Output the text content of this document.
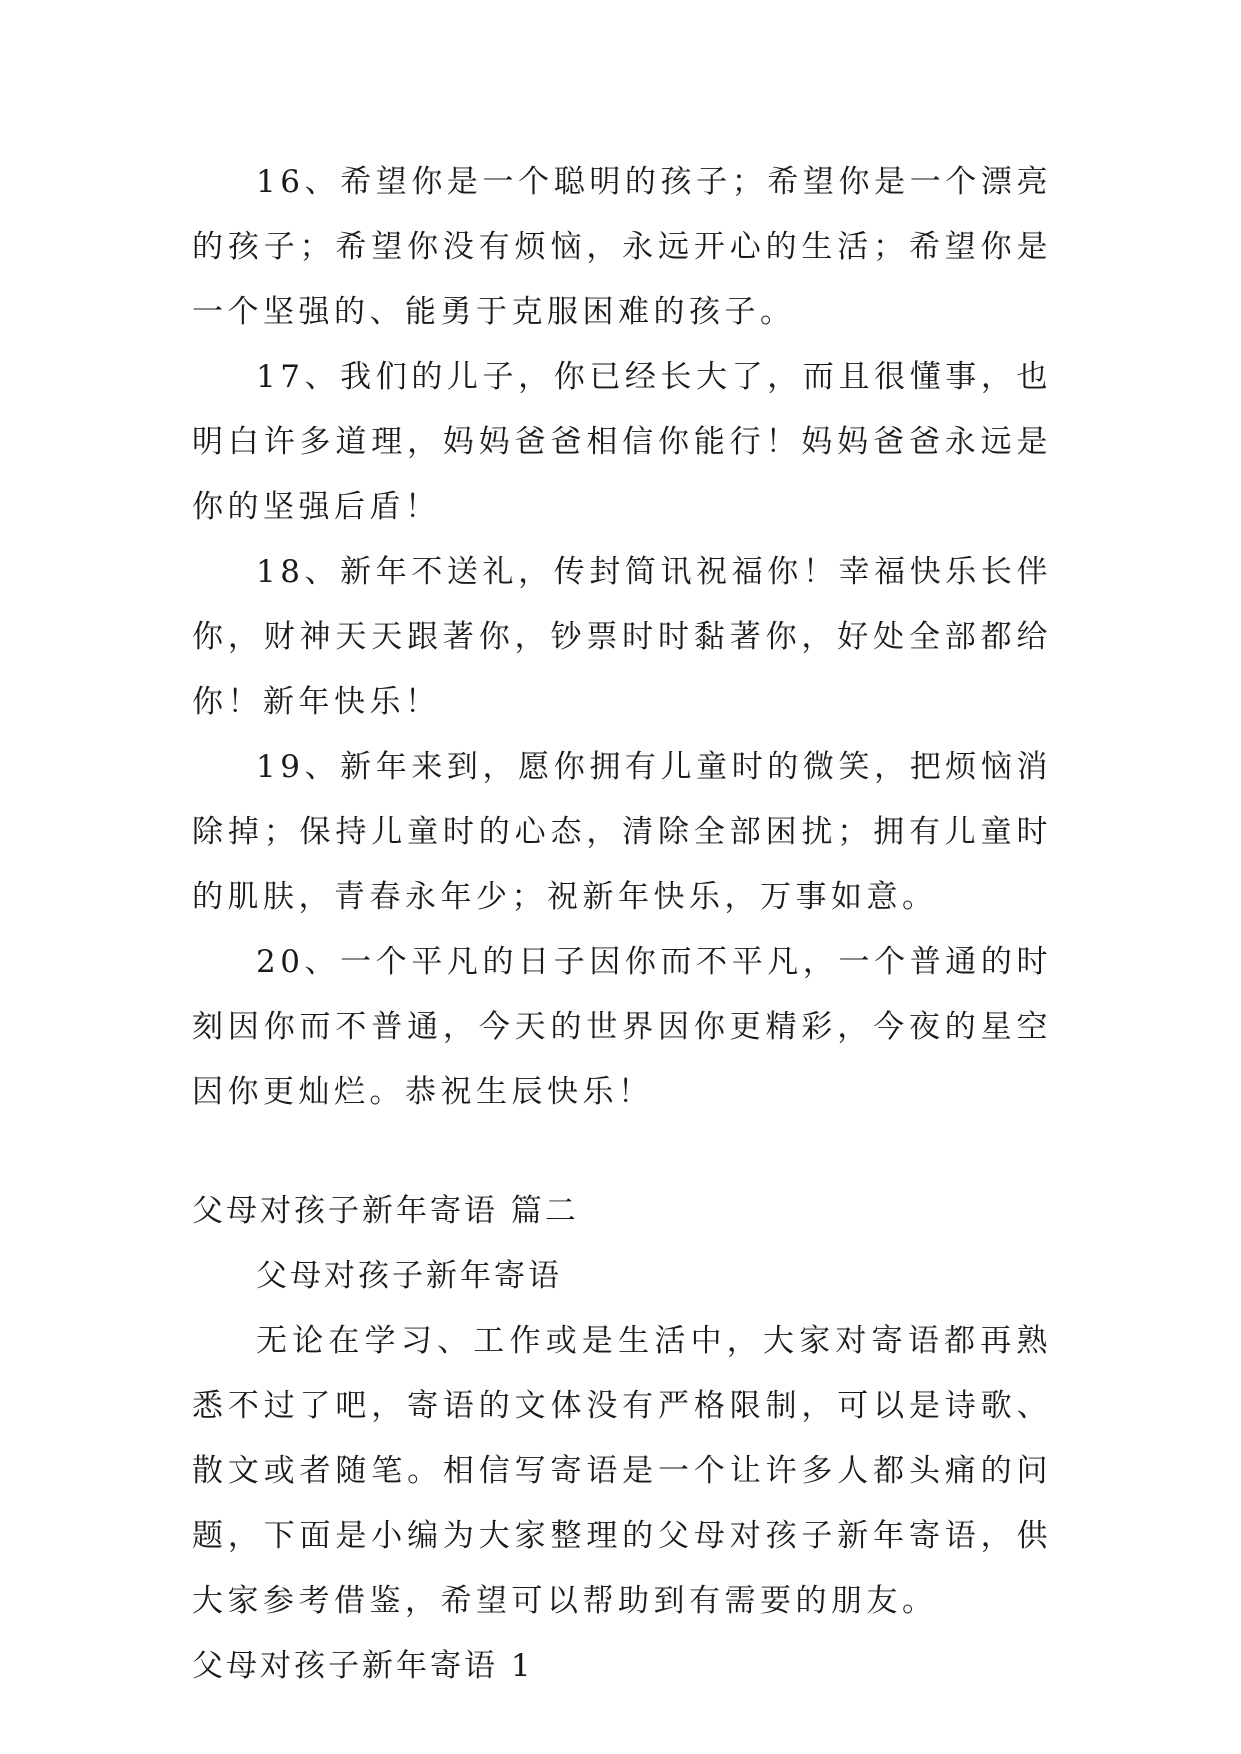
16、希望你是一个聪明的孩子；希望你是一个漂亮的孩子；希望你没有烦恼，永远开心的生活；希望你是一个坚强的、能勇于克服困难的孩子。

17、我们的儿子，你已经长大了，而且很懂事，也明白许多道理，妈妈爸爸相信你能行！妈妈爸爸永远是你的坚强后盾！

18、新年不送礼，传封简讯祝福你！幸福快乐长伴你，财神天天跟著你，钞票时时黏著你，好处全部都给你！新年快乐！

19、新年来到，愿你拥有儿童时的微笑，把烦恼消除掉；保持儿童时的心态，清除全部困扰；拥有儿童时的肌肤，青春永年少；祝新年快乐，万事如意。

20、一个平凡的日子因你而不平凡，一个普通的时刻因你而不普通，今天的世界因你更精彩，今夜的星空因你更灿烂。恭祝生辰快乐！

父母对孩子新年寄语 篇二

父母对孩子新年寄语

无论在学习、工作或是生活中，大家对寄语都再熟悉不过了吧，寄语的文体没有严格限制，可以是诗歌、散文或者随笔。相信写寄语是一个让许多人都头痛的问题，下面是小编为大家整理的父母对孩子新年寄语，供大家参考借鉴，希望可以帮助到有需要的朋友。

父母对孩子新年寄语 1
